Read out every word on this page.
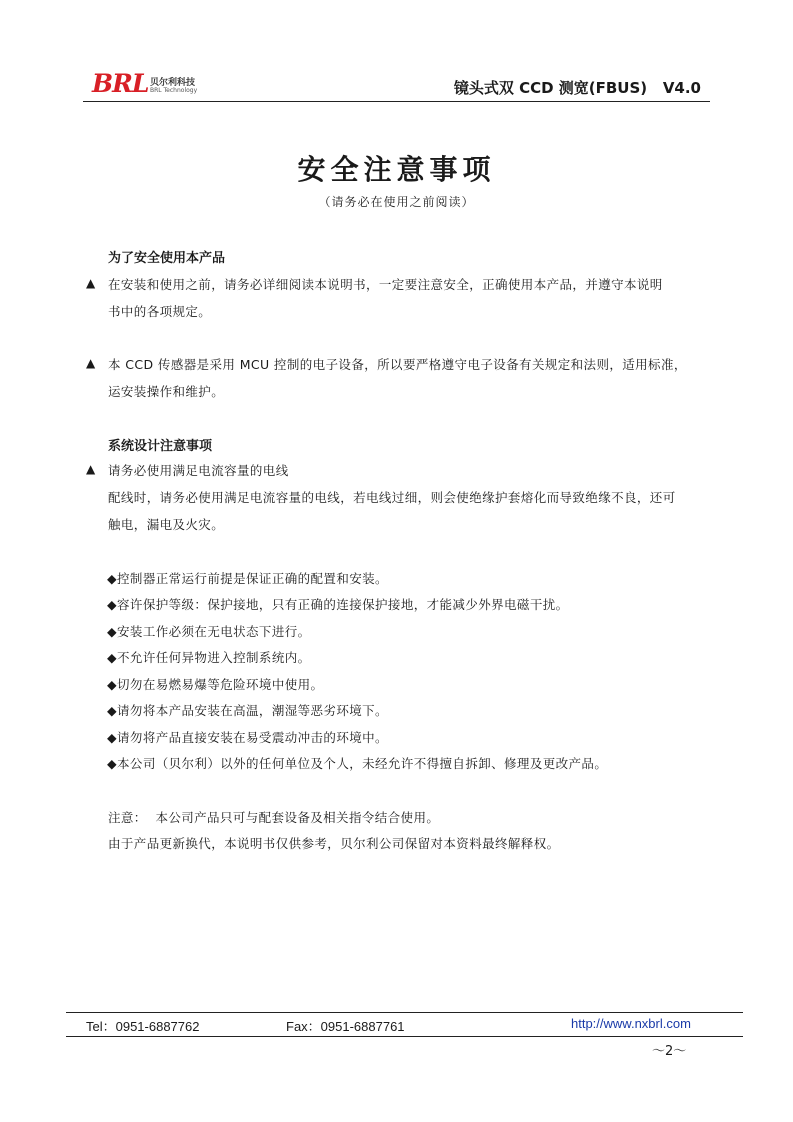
BRL 贝尔利科技
BRL Technology	镜头式双 CCD 测宽(FBUS)   V4.0
安全注意事项
（请务必在使用之前阅读）
为了安全使用本产品
▲ 在安装和使用之前，请务必详细阅读本说明书，一定要注意安全，正确使用本产品，并遵守本说明
书中的各项规定。
▲ 本 CCD 传感器是采用 MCU 控制的电子设备，所以要严格遵守电子设备有关规定和法则，适用标准，
运安装操作和维护。
系统设计注意事项
▲ 请务必使用满足电流容量的电线
配线时，请务必使用满足电流容量的电线，若电线过细，则会使绝缘护套熔化而导致绝缘不良，还可
触电，漏电及火灾。
◆控制器正常运行前提是保证正确的配置和安装。
◆容许保护等级：保护接地，只有正确的连接保护接地，才能减少外界电磁干扰。
◆安装工作必须在无电状态下进行。
◆不允许任何异物进入控制系统内。
◆切勿在易燃易爆等危险环境中使用。
◆请勿将本产品安装在高温，潮湿等恶劣环境下。
◆请勿将产品直接安装在易受震动冲击的环境中。
◆本公司（贝尔利）以外的任何单位及个人，未经允许不得擅自拆卸、修理及更改产品。
注意：  本公司产品只可与配套设备及相关指令结合使用。
由于产品更新换代，本说明书仅供参考，贝尔利公司保留对本资料最终解释权。
Tel：0951-6887762	Fax：0951-6887761	http://www.nxbrl.com
～2～
